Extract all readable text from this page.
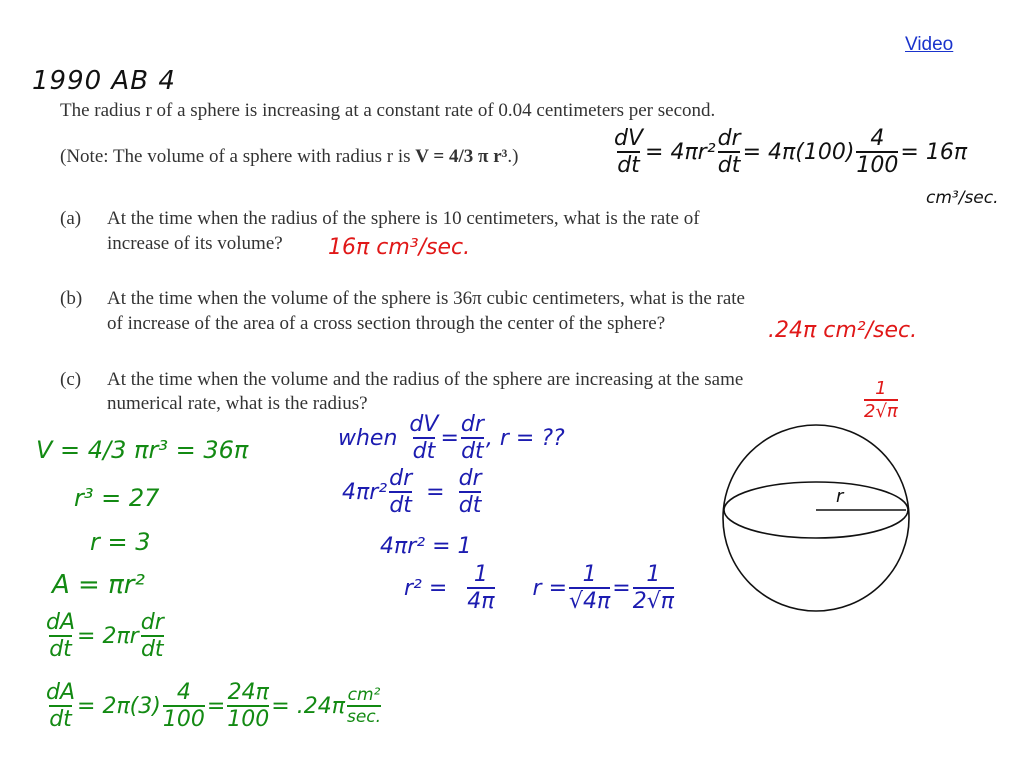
Video
1990 AB 4
The radius r of a sphere is increasing at a constant rate of 0.04 centimeters per second.
(Note: The volume of a sphere with radius r is V = 4/3 π r³.)
(a) At the time when the radius of the sphere is 10 centimeters, what is the rate of
increase of its volume? 16π cm³/sec.
(b) At the time when the volume of the sphere is 36π cubic centimeters, what is the rate
of increase of the area of a cross section through the center of the sphere?	.24π cm²/sec.
(c) At the time when the volume and the radius of the sphere are increasing at the same
numerical rate, what is the radius?	$\frac{1}{2√\pi}$
$\frac{dV}{dt} = 4\pi r^2 \frac{dr}{dt} = 4\pi(100) \frac{4}{100} = 16\pi$
cm³/sec.
V = 4/3 πr³ = 36π
r³ = 27
r = 3
A = πr²
$\frac{dA}{dt} = 2\pi r \frac{dr}{dt}$
$\frac{dA}{dt} = 2\pi(3) \frac{4}{100} = \frac{24\pi}{100} = .24\pi \frac{\text{cm²}}{\sec.}$
when $\frac{dV}{dt} = \frac{dr}{dt}$ , r = ??
$4\pi r^2 \frac{dr}{dt} = \frac{dr}{dt}$
4πr² = 1
$r^2 = \frac{1}{4\pi}$ $r = \frac{1}{√4\pi} = \frac{1}{2√\pi}$
r
